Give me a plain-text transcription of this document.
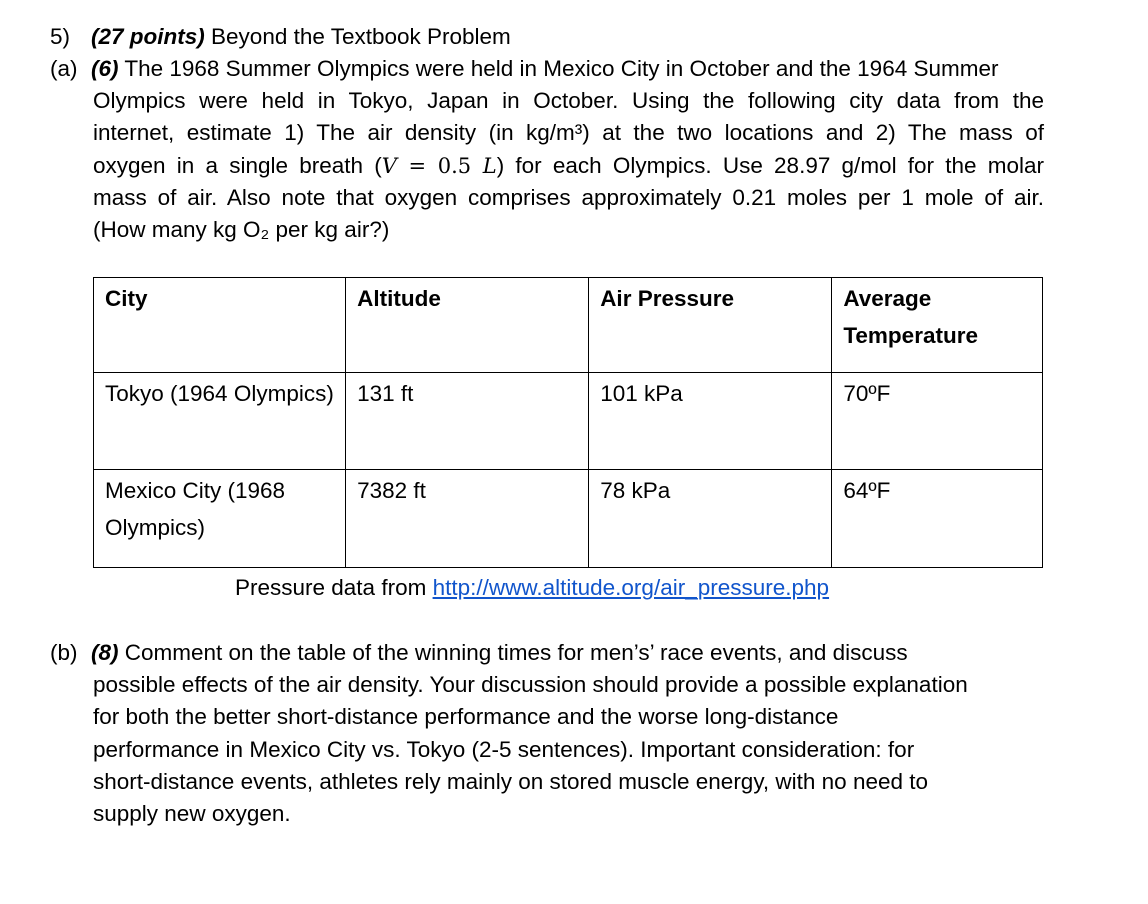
5) (27 points) Beyond the Textbook Problem
(a) (6) The 1968 Summer Olympics were held in Mexico City in October and the 1964 Summer
Olympics were held in Tokyo, Japan in October. Using the following city data from the
internet, estimate 1) The air density (in kg/m³) at the two locations and 2) The mass of
oxygen in a single breath (V = 0.5 L) for each Olympics. Use 28.97 g/mol for the molar
mass of air. Also note that oxygen comprises approximately 0.21 moles per 1 mole of air.
(How many kg O₂ per kg air?)
City	Altitude	Air Pressure	Average Temperature
Tokyo (1964 Olympics)	131 ft	101 kPa	70ºF
Mexico City (1968 Olympics)	7382 ft	78 kPa	64ºF
Pressure data from http://www.altitude.org/air_pressure.php
(b) (8) Comment on the table of the winning times for men’s’ race events, and discuss
possible effects of the air density. Your discussion should provide a possible explanation
for both the better short-distance performance and the worse long-distance
performance in Mexico City vs. Tokyo (2-5 sentences). Important consideration: for
short-distance events, athletes rely mainly on stored muscle energy, with no need to
supply new oxygen.
